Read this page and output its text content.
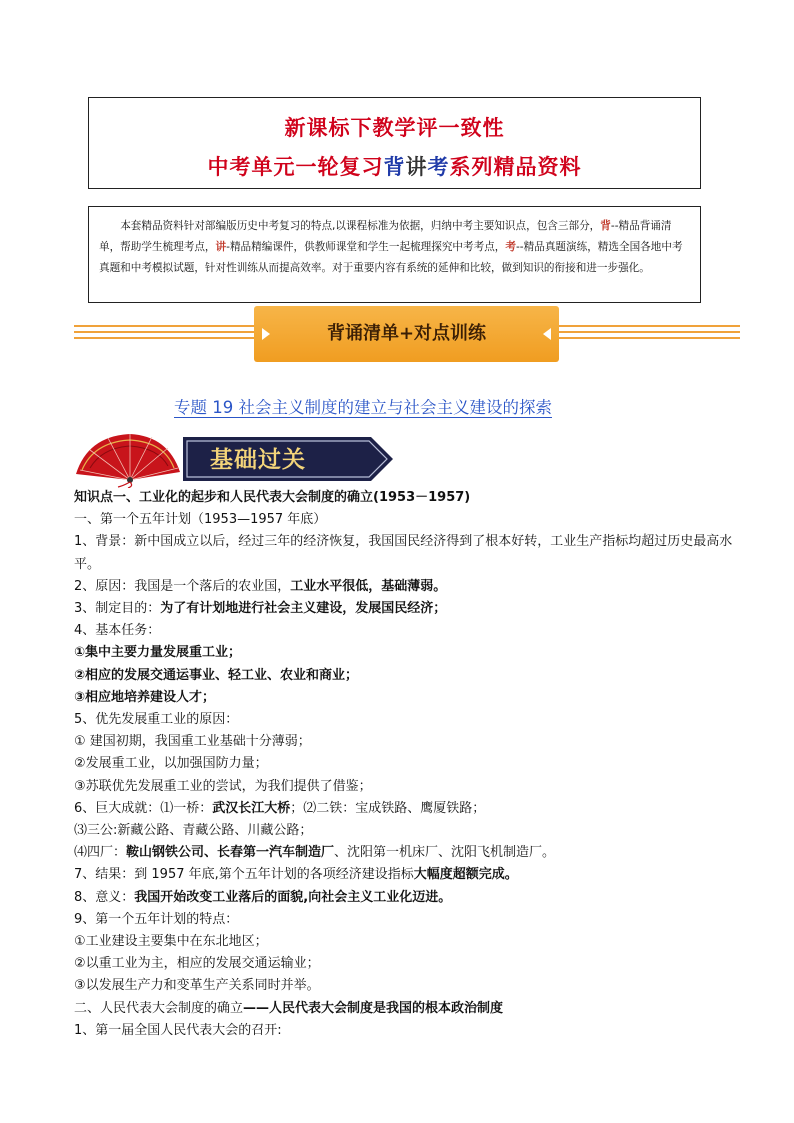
新课标下教学评一致性
中考单元一轮复习背讲考系列精品资料
本套精品资料针对部编版历史中考复习的特点,以课程标准为依据，归纳中考主要知识点，包含三部分，背--精品背诵清单，帮助学生梳理考点，讲-精品精编课件，供教师课堂和学生一起梳理探究中考考点，考--精品真题演练，精选全国各地中考真题和中考模拟试题，针对性训练从而提高效率。对于重要内容有系统的延伸和比较，做到知识的衔接和进一步强化。
背诵清单+对点训练
专题 19 社会主义制度的建立与社会主义建设的探索
基础过关

知识点一、工业化的起步和人民代表大会制度的确立(1953－1957)

一、第一个五年计划（1953—1957 年底）

1、背景：新中国成立以后，经过三年的经济恢复，我国国民经济得到了根本好转，工业生产指标均超过历史最高水平。

2、原因：我国是一个落后的农业国，工业水平很低，基础薄弱。

3、制定目的：为了有计划地进行社会主义建设，发展国民经济；

4、基本任务：

①集中主要力量发展重工业；

②相应的发展交通运事业、轻工业、农业和商业；

③相应地培养建设人才；

5、优先发展重工业的原因：

① 建国初期，我国重工业基础十分薄弱；

②发展重工业，以加强国防力量；

③苏联优先发展重工业的尝试，为我们提供了借鉴；

6、巨大成就：⑴一桥：武汉长江大桥；⑵二铁：宝成铁路、鹰厦铁路；

⑶三公:新藏公路、青藏公路、川藏公路；

⑷四厂：鞍山钢铁公司、长春第一汽车制造厂、沈阳第一机床厂、沈阳飞机制造厂。

7、结果：到 1957 年底,第个五年计划的各项经济建设指标大幅度超额完成。

8、意义：我国开始改变工业落后的面貌,向社会主义工业化迈进。

9、第一个五年计划的特点：

①工业建设主要集中在东北地区；

②以重工业为主，相应的发展交通运输业；

③以发展生产力和变革生产关系同时并举。

二、人民代表大会制度的确立——人民代表大会制度是我国的根本政治制度

1、第一届全国人民代表大会的召开:
